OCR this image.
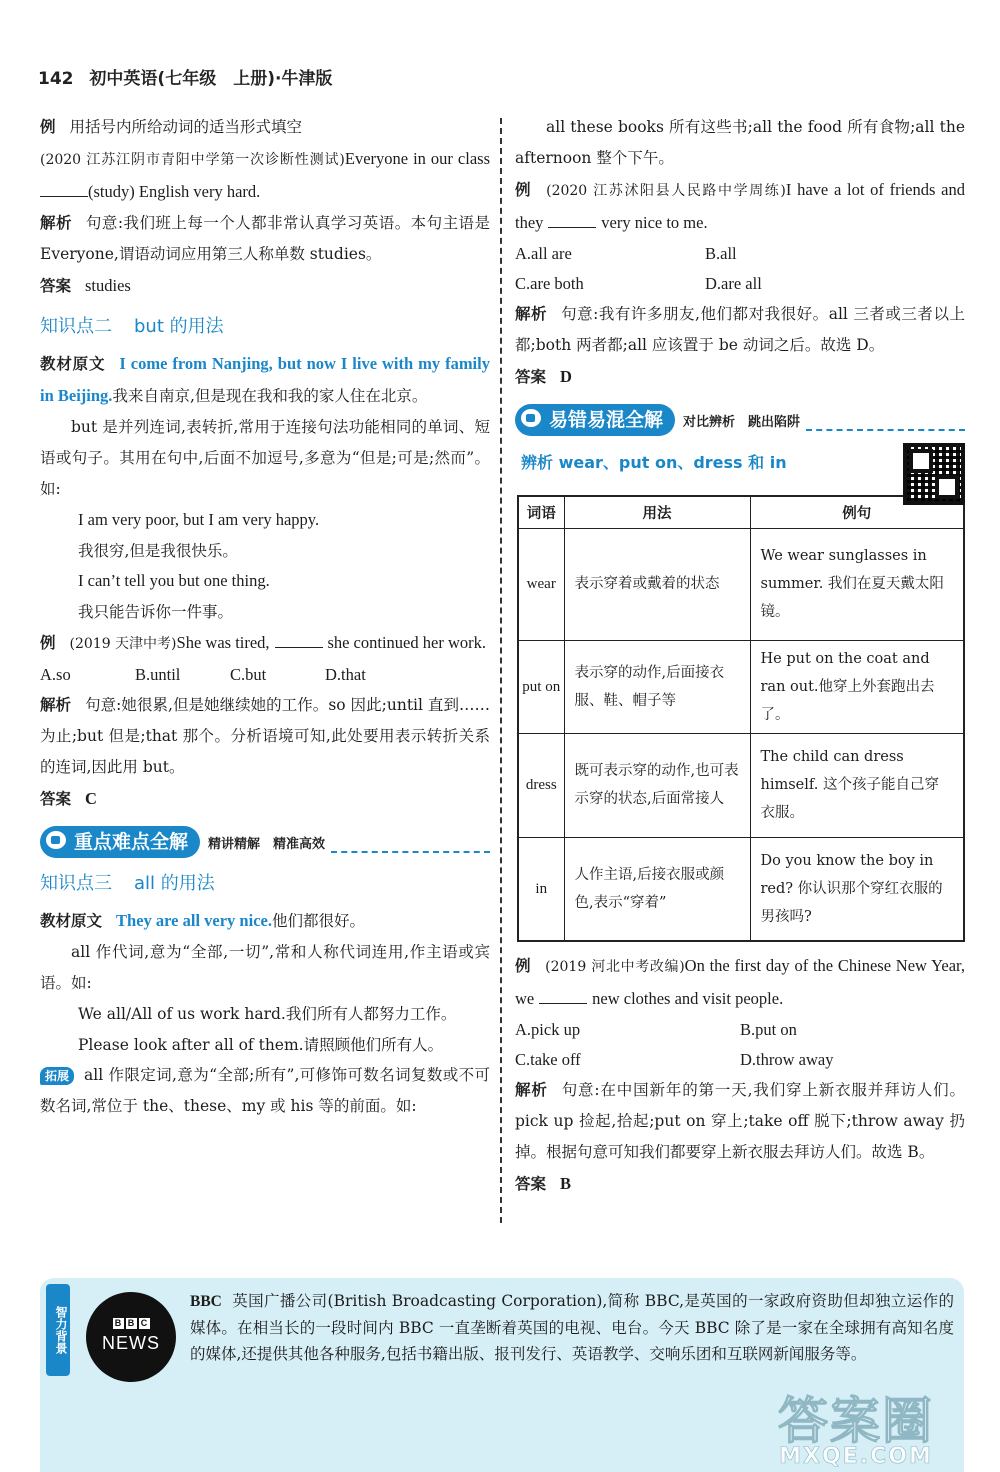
142 初中英语(七年级　上册)·牛津版
例 用括号内所给动词的适当形式填空
(2020 江苏江阴市青阳中学第一次诊断性测试)Everyone in our class (study) English very hard.
解析 句意:我们班上每一个人都非常认真学习英语。本句主语是 Everyone,谓语动词应用第三人称单数 studies。
答案 studies
知识点二 but 的用法
教材原文 I come from Nanjing, but now I live with my family in Beijing.我来自南京,但是现在我和我的家人住在北京。
but 是并列连词,表转折,常用于连接句法功能相同的单词、短语或句子。其用在句中,后面不加逗号,多意为“但是;可是;然而”。如:
I am very poor, but I am very happy.
我很穷,但是我很快乐。
I can’t tell you but one thing.
我只能告诉你一件事。
例 (2019 天津中考)She was tired,	she continued her work.
A.so	B.until	C.but	D.that
解析 句意:她很累,但是她继续她的工作。so 因此;until 直到……为止;but 但是;that 那个。分析语境可知,此处要用表示转折关系的连词,因此用 but。
答案 C
重点难点全解	精讲精解　精准高效
知识点三 all 的用法
教材原文 They are all very nice.他们都很好。
all 作代词,意为“全部,一切”,常和人称代词连用,作主语或宾语。如:
We all/All of us work hard.我们所有人都努力工作。
Please look after all of them.请照顾他们所有人。
拓展 all 作限定词,意为“全部;所有”,可修饰可数名词复数或不可数名词,常位于 the、these、my 或 his 等的前面。如:
all these books 所有这些书;all the food 所有食物;all the afternoon 整个下午。
例 (2020 江苏沭阳县人民路中学周练)I have a lot of friends and they	very nice to me.
A.all are	B.all
C.are both	D.are all
解析 句意:我有许多朋友,他们都对我很好。all 三者或三者以上都;both 两者都;all 应该置于 be 动词之后。故选 D。
答案 D
易错易混全解	对比辨析　跳出陷阱
辨析 wear、put on、dress 和 in
词语	用法	例句
wear	表示穿着或戴着的状态	We wear sunglasses in summer. 我们在夏天戴太阳镜。
put on	表示穿的动作,后面接衣服、鞋、帽子等	He put on the coat and ran out.他穿上外套跑出去了。
dress	既可表示穿的动作,也可表示穿的状态,后面常接人	The child can dress himself. 这个孩子能自己穿衣服。
in	人作主语,后接衣服或颜色,表示“穿着”	Do you know the boy in red? 你认识那个穿红衣服的男孩吗?
例 (2019 河北中考改编)On the first day of the Chinese New Year, we	new clothes and visit people.
A.pick up	B.put on
C.take off	D.throw away
解析 句意:在中国新年的第一天,我们穿上新衣服并拜访人们。pick up 捡起,拾起;put on 穿上;take off 脱下;throw away 扔掉。根据句意可知我们都要穿上新衣服去拜访人们。故选 B。
答案 B
智力背景	B B C
NEWS
BBC 英国广播公司(British Broadcasting Corporation),简称 BBC,是英国的一家政府资助但却独立运作的媒体。在相当长的一段时间内 BBC 一直垄断着英国的电视、电台。今天 BBC 除了是一家在全球拥有高知名度的媒体,还提供其他各种服务,包括书籍出版、报刊发行、英语教学、交响乐团和互联网新闻服务等。
答案圈
MXQE.COM
